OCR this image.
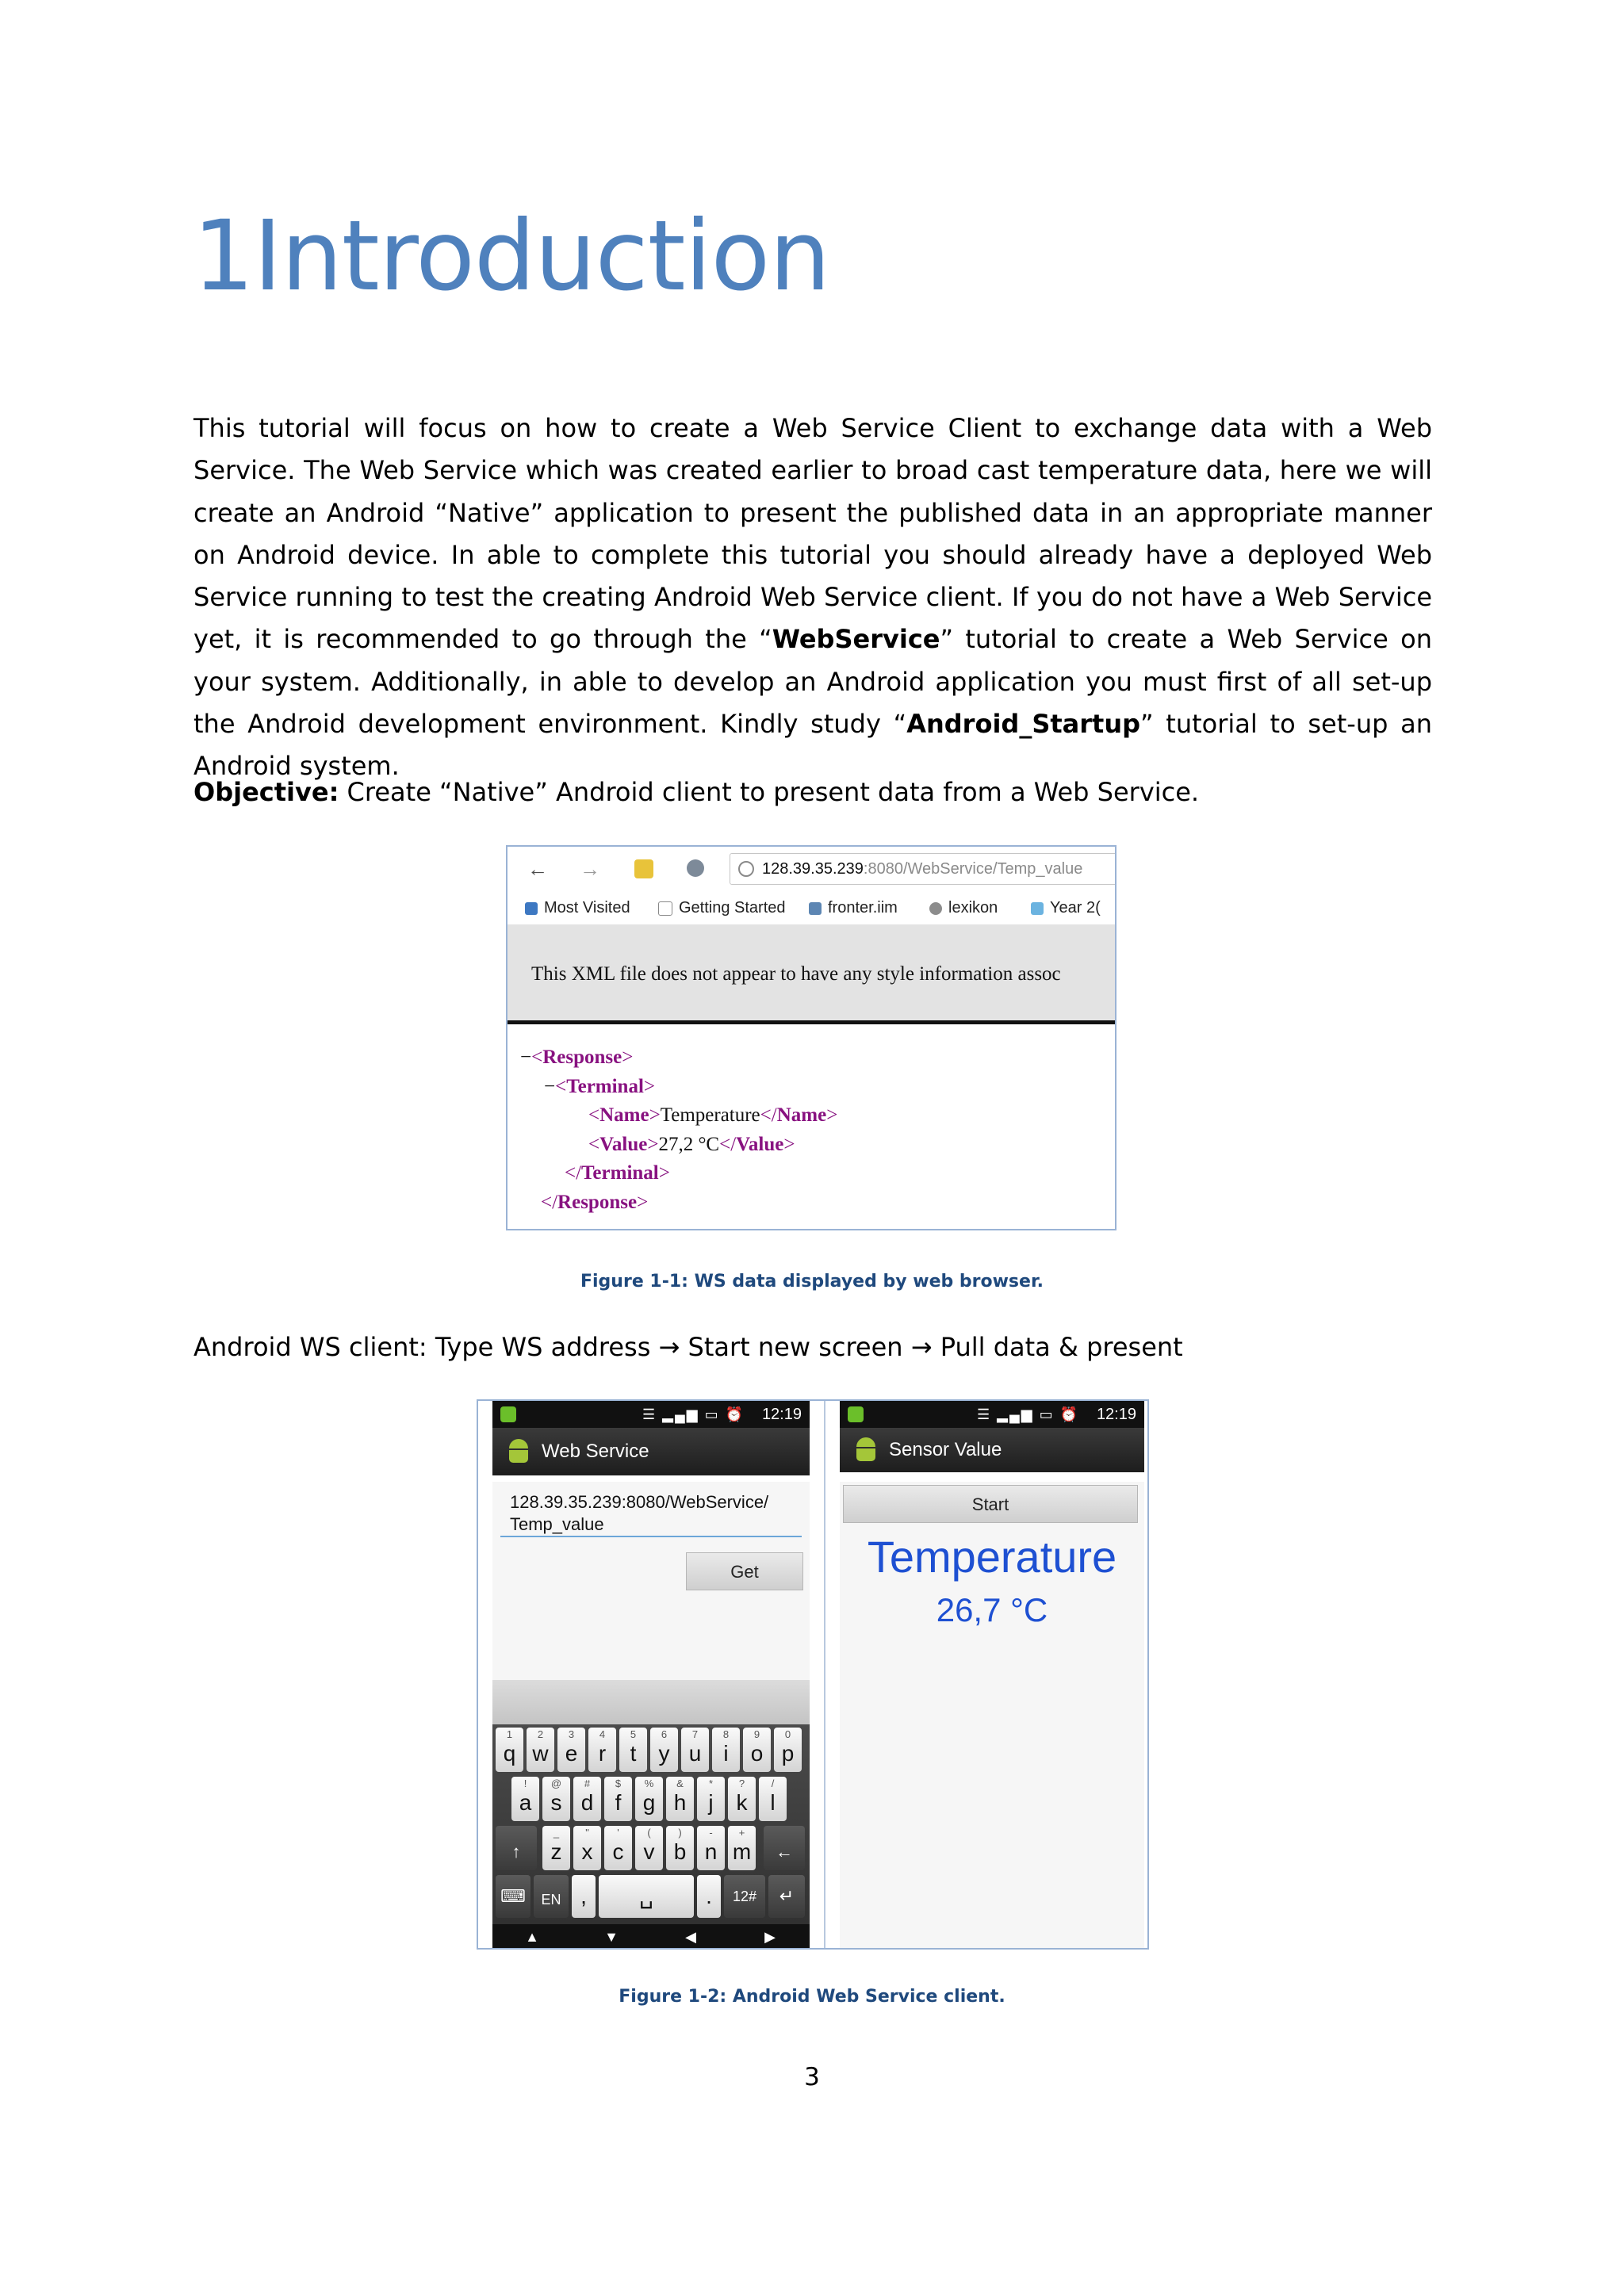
1Introduction
This tutorial will focus on how to create a Web Service Client to exchange data with a Web Service. The Web Service which was created earlier to broad cast temperature data, here we will create an Android “Native” application to present the published data in an appropriate manner on Android device. In able to complete this tutorial you should already have a deployed Web Service running to test the creating Android Web Service client. If you do not have a Web Service yet, it is recommended to go through the “WebService” tutorial to create a Web Service on your system. Additionally, in able to develop an Android application you must first of all set-up the Android development environment. Kindly study “Android_Startup” tutorial to set-up an Android system.
Objective: Create “Native” Android client to present data from a Web Service.
← →	128.39.35.239:8080/WebService/Temp_value
Most Visited	Getting Started	fronter.iim	lexikon	Year 2(
This XML file does not appear to have any style information assoc
−<Response>
−<Terminal>
<Name>Temperature</Name>
<Value>27,2 °C</Value>
</Terminal>
</Response>
Figure 1-1: WS data displayed by web browser.
Android WS client: Type WS address → Start new screen → Pull data & present
☰ ▂▄▆ ▭ ⏰ 12:19
Web Service
128.39.35.239:8080/WebService/
Temp_value
Get
1
q
2
w
3
e
4
r
5
t
6
y
7
u
8
i
9
o
0
p
!
a
@
s
#
d
$
f
%
g
&
h
*
j
?
k
/
l
↑
_
z
"
x
'
c
(
v
)
b
-
n
+
m	←
⌨	EN ,	␣	.	12#	↵
▲	▼	◀	▶
☰ ▂▄▆ ▭ ⏰ 12:19
Sensor Value
Start
Temperature
26,7 °C
Figure 1-2: Android Web Service client.
3
